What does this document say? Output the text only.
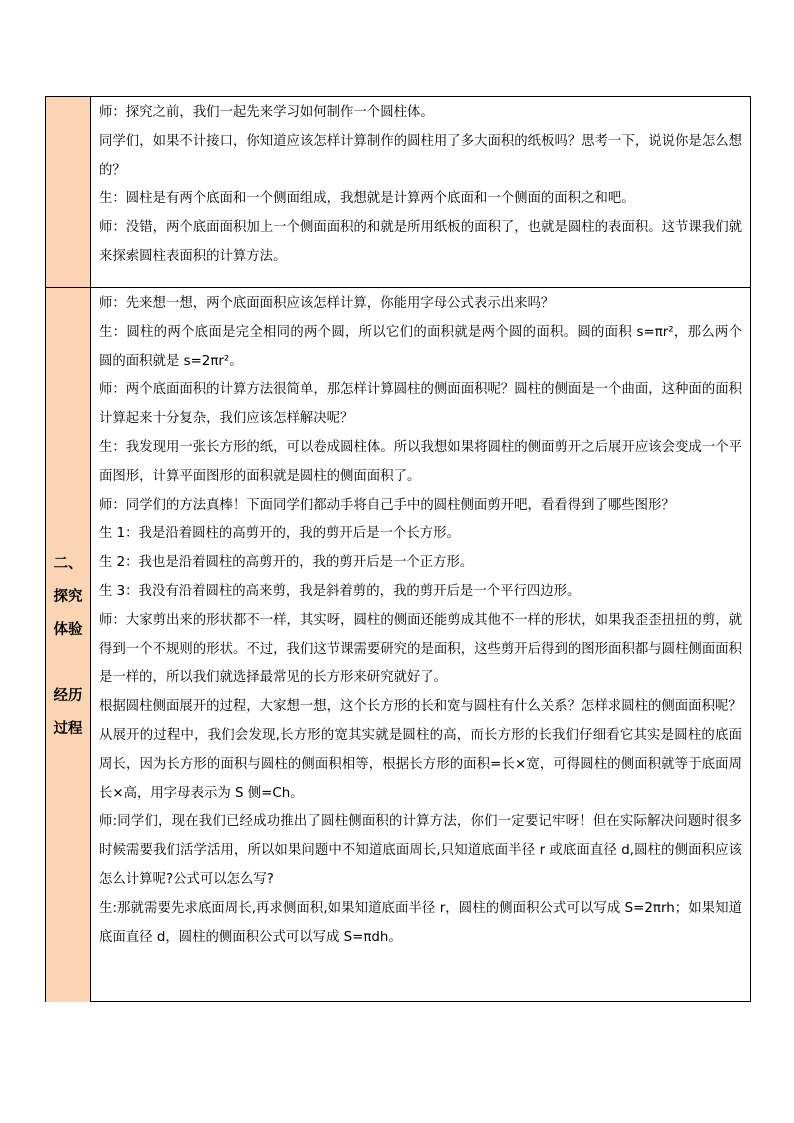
师：探究之前，我们一起先来学习如何制作一个圆柱体。

同学们，如果不计接口，你知道应该怎样计算制作的圆柱用了多大面积的纸板吗？思考一下，说说你是怎么想的？

生：圆柱是有两个底面和一个侧面组成，我想就是计算两个底面和一个侧面的面积之和吧。

师：没错，两个底面面积加上一个侧面面积的和就是所用纸板的面积了，也就是圆柱的表面积。这节课我们就来探索圆柱表面积的计算方法。

二、
探究
体验
经历
过程

师：先来想一想，两个底面面积应该怎样计算，你能用字母公式表示出来吗？

生：圆柱的两个底面是完全相同的两个圆，所以它们的面积就是两个圆的面积。圆的面积 s=πr²，那么两个圆的面积就是 s=2πr²。

师：两个底面面积的计算方法很简单，那怎样计算圆柱的侧面面积呢？圆柱的侧面是一个曲面，这种面的面积计算起来十分复杂，我们应该怎样解决呢？

生：我发现用一张长方形的纸，可以卷成圆柱体。所以我想如果将圆柱的侧面剪开之后展开应该会变成一个平面图形，计算平面图形的面积就是圆柱的侧面面积了。

师：同学们的方法真棒！下面同学们都动手将自己手中的圆柱侧面剪开吧，看看得到了哪些图形？

生 1：我是沿着圆柱的高剪开的，我的剪开后是一个长方形。

生 2：我也是沿着圆柱的高剪开的，我的剪开后是一个正方形。

生 3：我没有沿着圆柱的高来剪，我是斜着剪的，我的剪开后是一个平行四边形。

师：大家剪出来的形状都不一样，其实呀，圆柱的侧面还能剪成其他不一样的形状，如果我歪歪扭扭的剪，就得到一个不规则的形状。不过，我们这节课需要研究的是面积，这些剪开后得到的图形面积都与圆柱侧面面积是一样的，所以我们就选择最常见的长方形来研究就好了。

根据圆柱侧面展开的过程，大家想一想，这个长方形的长和宽与圆柱有什么关系？怎样求圆柱的侧面面积呢？

从展开的过程中，我们会发现,长方形的宽其实就是圆柱的高，而长方形的长我们仔细看它其实是圆柱的底面周长，因为长方形的面积与圆柱的侧面积相等，根据长方形的面积=长×宽，可得圆柱的侧面积就等于底面周长×高，用字母表示为 S 侧=Ch。

师:同学们，现在我们已经成功推出了圆柱侧面积的计算方法，你们一定要记牢呀！但在实际解决问题时很多时候需要我们活学活用，所以如果问题中不知道底面周长,只知道底面半径 r 或底面直径 d,圆柱的侧面积应该怎么计算呢?公式可以怎么写?

生:那就需要先求底面周长,再求侧面积,如果知道底面半径 r，圆柱的侧面积公式可以写成 S=2πrh；如果知道底面直径 d，圆柱的侧面积公式可以写成 S=πdh。
